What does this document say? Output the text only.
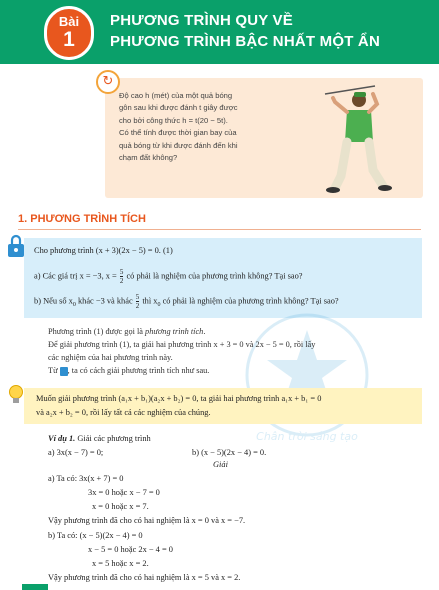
Bài
1
PHƯƠNG TRÌNH QUY VỀ
PHƯƠNG TRÌNH BẬC NHẤT MỘT ẨN
↻
Độ cao h (mét) của một quả bóng
gôn sau khi được đánh t giây được
cho bởi công thức h = t(20 − 5t).
Có thể tính được thời gian bay của
quả bóng từ khi được đánh đến khi
chạm đất không?
1. PHƯƠNG TRÌNH TÍCH
Cho phương trình (x + 3)(2x − 5) = 0. (1)
a) Các giá trị x = −3, $x = \frac{5}{2}$ có phải là nghiệm của phương trình không? Tại sao?
b) Nếu số $x_0$ khác −3 và khác $\frac{5}{2}$ thì $x_0$ có phải là nghiệm của phương trình không? Tại sao?
Chân trời sáng tạo
Phương trình (1) được gọi là phương trình tích.
Để giải phương trình (1), ta giải hai phương trình x + 3 = 0 và 2x − 5 = 0, rồi lấy
các nghiệm của hai phương trình này.
Từ , ta có cách giải phương trình tích như sau.
Muốn giải phương trình (a₁x + b₁)(a₂x + b₂) = 0, ta giải hai phương trình a₁x + b₁ = 0
và a₂x + b₂ = 0, rồi lấy tất cả các nghiệm của chúng.
Ví dụ 1. Giải các phương trình
a) 3x(x − 7) = 0;	b) (x − 5)(2x − 4) = 0.
Giải
a) Ta có: 3x(x + 7) = 0
3x = 0 hoặc x − 7 = 0
x = 0 hoặc x = 7.
Vậy phương trình đã cho có hai nghiệm là x = 0 và x = −7.
b) Ta có: (x − 5)(2x − 4) = 0
x − 5 = 0 hoặc 2x − 4 = 0
x = 5 hoặc x = 2.
Vậy phương trình đã cho có hai nghiệm là x = 5 và x = 2.
